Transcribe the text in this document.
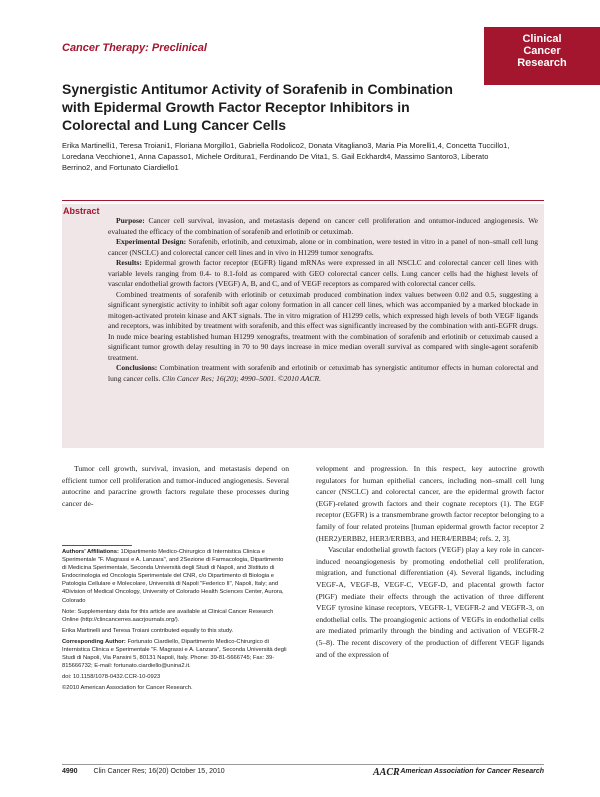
Clinical
Cancer
Research
Cancer Therapy: Preclinical
Synergistic Antitumor Activity of Sorafenib in Combination with Epidermal Growth Factor Receptor Inhibitors in Colorectal and Lung Cancer Cells

Erika Martinelli1, Teresa Troiani1, Floriana Morgillo1, Gabriella Rodolico2, Donata Vitagliano3, Maria Pia Morelli1,4, Concetta Tuccillo1, Loredana Vecchione1, Anna Capasso1, Michele Orditura1, Ferdinando De Vita1, S. Gail Eckhardt4, Massimo Santoro3, Liberato Berrino2, and Fortunato Ciardiello1

Abstract

Purpose: Cancer cell survival, invasion, and metastasis depend on cancer cell proliferation and ontumor-induced angiogenesis. We evaluated the efficacy of the combination of sorafenib and erlotinib or cetuximab.

Experimental Design: Sorafenib, erlotinib, and cetuximab, alone or in combination, were tested in vitro in a panel of non–small cell lung cancer (NSCLC) and colorectal cancer cell lines and in vivo in H1299 tumor xenografts.

Results: Epidermal growth factor receptor (EGFR) ligand mRNAs were expressed in all NSCLC and colorectal cancer cell lines with variable levels ranging from 0.4- to 8.1-fold as compared with GEO colorectal cancer cells. Lung cancer cells had the highest levels of vascular endothelial growth factors (VEGF) A, B, and C, and of VEGF receptors as compared with colorectal cancer cells.

Combined treatments of sorafenib with erlotinib or cetuximab produced combination index values between 0.02 and 0.5, suggesting a significant synergistic activity to inhibit soft agar colony formation in all cancer cell lines, which was accompanied by a marked blockade in mitogen-activated protein kinase and AKT signals. The in vitro migration of H1299 cells, which expressed high levels of both VEGF ligands and receptors, was inhibited by treatment with sorafenib, and this effect was significantly increased by the combination with anti-EGFR drugs. In nude mice bearing established human H1299 xenografts, treatment with the combination of sorafenib and erlotinib or cetuximab caused a significant tumor growth delay resulting in 70 to 90 days increase in mice median overall survival as compared with single-agent sorafenib treatment.

Conclusions: Combination treatment with sorafenib and erlotinib or cetuximab has synergistic antitumor effects in human colorectal and lung cancer cells. Clin Cancer Res; 16(20); 4990–5001. ©2010 AACR.

Tumor cell growth, survival, invasion, and metastasis depend on efficient tumor cell proliferation and tumor-induced angiogenesis. Several autocrine and paracrine growth factors regulate these processes during cancer de-

velopment and progression. In this respect, key autocrine growth regulators for human epithelial cancers, including non–small cell lung cancer (NSCLC) and colorectal cancer, are the epidermal growth factor (EGF)-related growth factors and their cognate receptors (1). The EGF receptor (EGFR) is a transmembrane growth factor receptor belonging to a family of four related proteins [human epidermal growth factor receptor 2 (HER2)/ERBB2, HER3/ERBB3, and HER4/ERBB4; refs. 2, 3].

Vascular endothelial growth factors (VEGF) play a key role in cancer-induced neoangiogenesis by promoting endothelial cell proliferation, migration, and functional differentiation (4). Several ligands, including VEGF-A, VEGF-B, VEGF-C, VEGF-D, and placental growth factor (PlGF) mediate their effects through the activation of three different VEGF tyrosine kinase receptors, VEGFR-1, VEGFR-2 and VEGFR-3, on endothelial cells. The proangiogenic actions of VEGFs in endothelial cells are mediated primarily through the binding and activation of VEGFR-2 (5–8). The recent discovery of the production of different VEGF ligands and of the expression of

Authors' Affiliations: 1Dipartimento Medico-Chirurgico di Internistica Clinica e Sperimentale "F. Magrassi e A. Lanzara", and 2Sezione di Farmacologia, Dipartimento di Medicina Sperimentale, Seconda Università degli Studi di Napoli, and 3Istituto di Endocrinologia ed Oncologia Sperimentale del CNR, c/o Dipartimento di Biologia e Patologia Cellulare e Molecolare, Università di Napoli "Federico II", Napoli, Italy; and 4Division of Medical Oncology, University of Colorado Health Sciences Center, Aurora, Colorado

Note: Supplementary data for this article are available at Clinical Cancer Research Online (http://clincancerres.aacrjournals.org/).

Erika Martinelli and Teresa Troiani contributed equally to this study.

Corresponding Author: Fortunato Ciardiello, Dipartimento Medico-Chirurgico di Internistica Clinica e Sperimentale "F. Magrassi e A. Lanzara", Seconda Università degli Studi di Napoli, Via Pansini 5, 80131 Napoli, Italy. Phone: 39-81-5666745; Fax: 39-815666732; E-mail: fortunato.ciardiello@unina2.it.

doi: 10.1158/1078-0432.CCR-10-0923

©2010 American Association for Cancer Research.

4990 Clin Cancer Res; 16(20) October 15, 2010	AACR American Association for Cancer Research
